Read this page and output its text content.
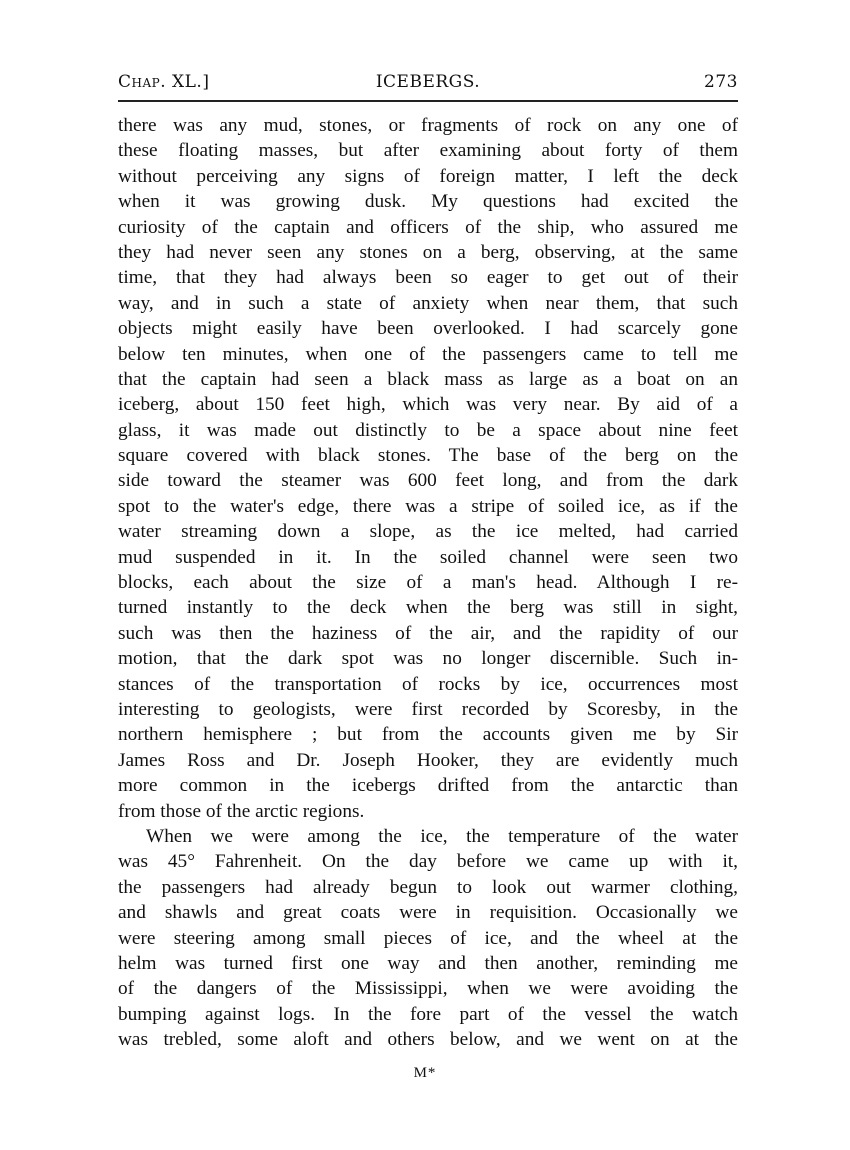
Chap. XL.]	ICEBERGS.	273
there was any mud, stones, or fragments of rock on any one of
these floating masses, but after examining about forty of them
without perceiving any signs of foreign matter, I left the deck
when it was growing dusk. My questions had excited the
curiosity of the captain and officers of the ship, who assured me
they had never seen any stones on a berg, observing, at the same
time, that they had always been so eager to get out of their
way, and in such a state of anxiety when near them, that such
objects might easily have been overlooked. I had scarcely gone
below ten minutes, when one of the passengers came to tell me
that the captain had seen a black mass as large as a boat on an
iceberg, about 150 feet high, which was very near. By aid of a
glass, it was made out distinctly to be a space about nine feet
square covered with black stones. The base of the berg on the
side toward the steamer was 600 feet long, and from the dark
spot to the water's edge, there was a stripe of soiled ice, as if the
water streaming down a slope, as the ice melted, had carried
mud suspended in it. In the soiled channel were seen two
blocks, each about the size of a man's head. Although I re-
turned instantly to the deck when the berg was still in sight,
such was then the haziness of the air, and the rapidity of our
motion, that the dark spot was no longer discernible. Such in-
stances of the transportation of rocks by ice, occurrences most
interesting to geologists, were first recorded by Scoresby, in the
northern hemisphere ; but from the accounts given me by Sir
James Ross and Dr. Joseph Hooker, they are evidently much
more common in the icebergs drifted from the antarctic than
from those of the arctic regions.
When we were among the ice, the temperature of the water
was 45° Fahrenheit. On the day before we came up with it,
the passengers had already begun to look out warmer clothing,
and shawls and great coats were in requisition. Occasionally we
were steering among small pieces of ice, and the wheel at the
helm was turned first one way and then another, reminding me
of the dangers of the Mississippi, when we were avoiding the
bumping against logs. In the fore part of the vessel the watch
was trebled, some aloft and others below, and we went on at the
M*
